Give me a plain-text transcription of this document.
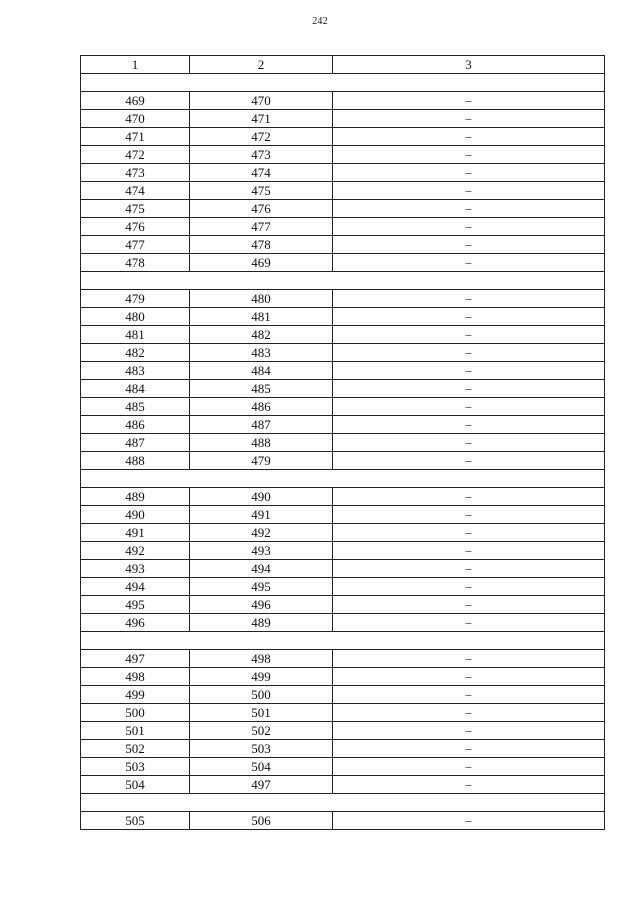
242
1	2	3

469	470	–
470	471	–
471	472	–
472	473	–
473	474	–
474	475	–
475	476	–
476	477	–
477	478	–
478	469	–

479	480	–
480	481	–
481	482	–
482	483	–
483	484	–
484	485	–
485	486	–
486	487	–
487	488	–
488	479	–

489	490	–
490	491	–
491	492	–
492	493	–
493	494	–
494	495	–
495	496	–
496	489	–

497	498	–
498	499	–
499	500	–
500	501	–
501	502	–
502	503	–
503	504	–
504	497	–

505	506	–
